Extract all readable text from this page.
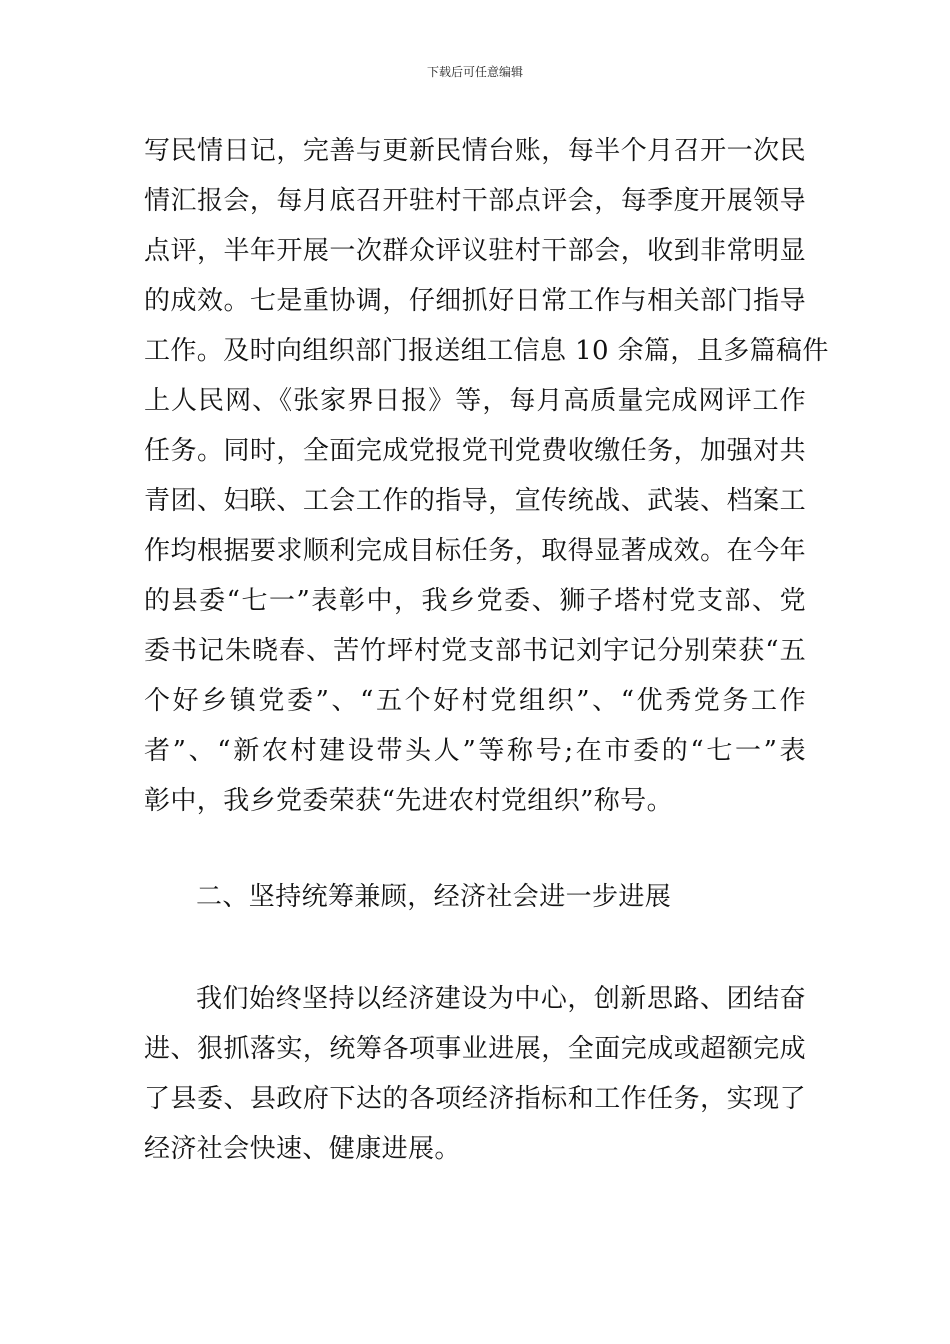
下载后可任意编辑
写民情日记，完善与更新民情台账，每半个月召开一次民
情汇报会，每月底召开驻村干部点评会，每季度开展领导
点评，半年开展一次群众评议驻村干部会，收到非常明显
的成效。七是重协调，仔细抓好日常工作与相关部门指导
工作。及时向组织部门报送组工信息 10 余篇，且多篇稿件
上人民网、《张家界日报》等，每月高质量完成网评工作
任务。同时，全面完成党报党刊党费收缴任务，加强对共
青团、妇联、工会工作的指导，宣传统战、武装、档案工
作均根据要求顺利完成目标任务，取得显著成效。在今年
的县委“七一”表彰中，我乡党委、狮子塔村党支部、党
委书记朱晓春、苦竹坪村党支部书记刘宇记分别荣获“五
个好乡镇党委”、“五个好村党组织”、“优秀党务工作
者”、“新农村建设带头人”等称号;在市委的“七一”表
彰中，我乡党委荣获“先进农村党组织”称号。
二、坚持统筹兼顾，经济社会进一步进展
我们始终坚持以经济建设为中心，创新思路、团结奋
进、狠抓落实，统筹各项事业进展，全面完成或超额完成
了县委、县政府下达的各项经济指标和工作任务，实现了
经济社会快速、健康进展。
